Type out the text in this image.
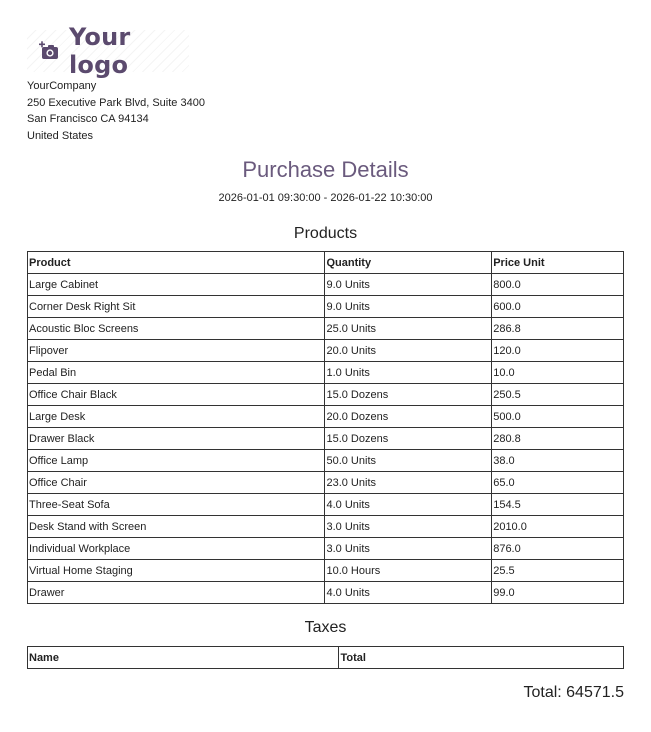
Your logo
YourCompany
250 Executive Park Blvd, Suite 3400
San Francisco CA 94134
United States
Purchase Details
2026-01-01 09:30:00 - 2026-01-22 10:30:00
Products
Product	Quantity	Price Unit
Large Cabinet	9.0 Units	800.0
Corner Desk Right Sit	9.0 Units	600.0
Acoustic Bloc Screens	25.0 Units	286.8
Flipover	20.0 Units	120.0
Pedal Bin	1.0 Units	10.0
Office Chair Black	15.0 Dozens	250.5
Large Desk	20.0 Dozens	500.0
Drawer Black	15.0 Dozens	280.8
Office Lamp	50.0 Units	38.0
Office Chair	23.0 Units	65.0
Three-Seat Sofa	4.0 Units	154.5
Desk Stand with Screen	3.0 Units	2010.0
Individual Workplace	3.0 Units	876.0
Virtual Home Staging	10.0 Hours	25.5
Drawer	4.0 Units	99.0
Taxes
Name	Total
Total: 64571.5
